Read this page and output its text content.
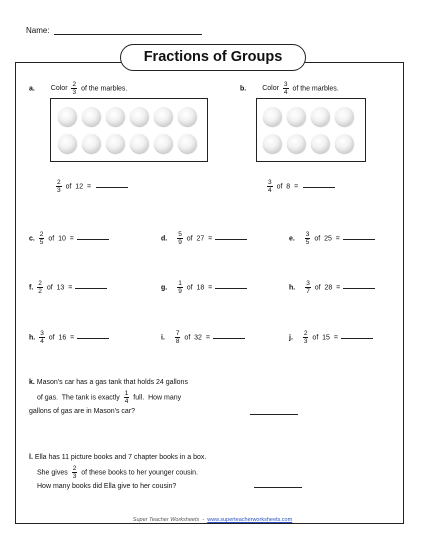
Name:
Fractions of Groups
a. Color $\frac{2}{3}$ of the marbles.
$\frac{2}{3}$ of  12  =
b. Color $\frac{3}{4}$ of the marbles.
$\frac{3}{4}$ of  8  =
c. $\frac{2}{5}$ of  10  =	d. $\frac{5}{9}$ of  27  =	e. $\frac{3}{5}$ of  25  =
f. $\frac{2}{2}$ of  13  =	g. $\frac{1}{9}$ of  18  =	h. $\frac{3}{7}$ of  28  =
h. $\frac{3}{4}$ of  16  =	i. $\frac{7}{8}$ of  32  =	j. $\frac{2}{3}$ of  15  =
k. Mason's car has a gas tank that holds 24 gallons
of gas.  The tank is exactly $\frac{1}{4}$ full.  How many
gallons of gas are in Mason's car?
l. Ella has 11 picture books and 7 chapter books in a box.
She gives $\frac{2}{3}$ of these books to her younger cousin.
How many books did Ella give to her cousin?
Super Teacher Worksheets - www.superteacherworksheets.com
